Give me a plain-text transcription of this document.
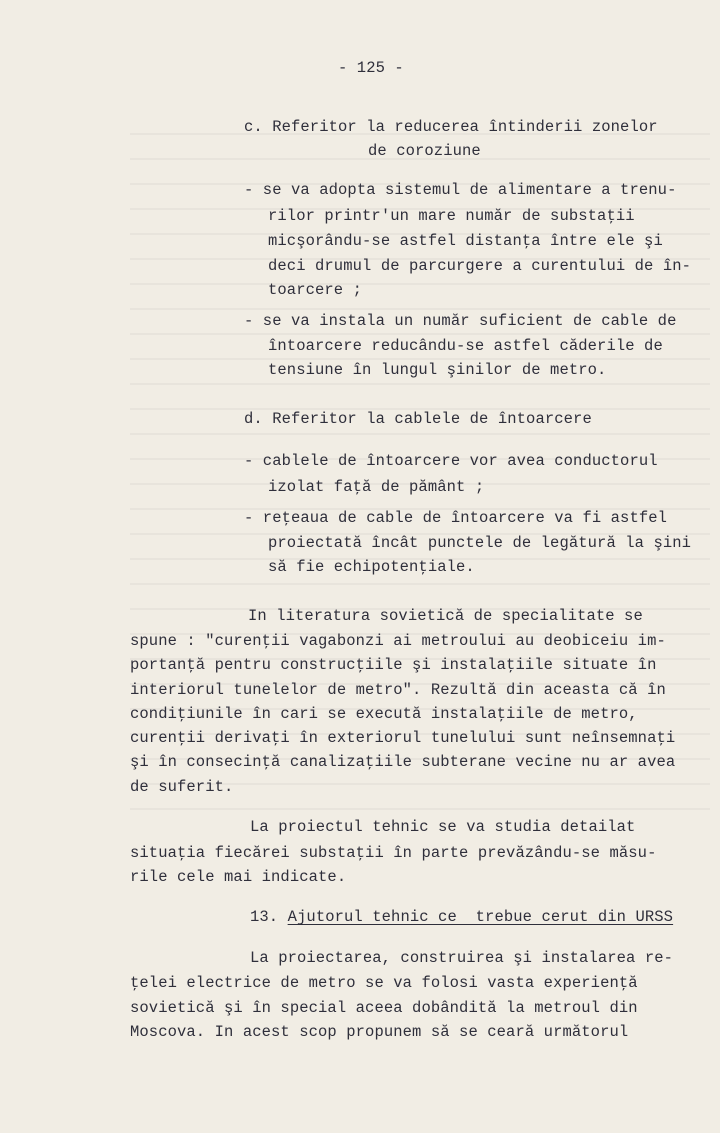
- 125 -
c. Referitor la reducerea întinderii zonelor
de coroziune
- se va adopta sistemul de alimentare a trenu-
rilor printr'un mare număr de substaţii
micşorându-se astfel distanţa între ele şi
deci drumul de parcurgere a curentului de în-
toarcere ;
- se va instala un număr suficient de cable de
întoarcere reducându-se astfel căderile de
tensiune în lungul şinilor de metro.
d. Referitor la cablele de întoarcere
- cablele de întoarcere vor avea conductorul
izolat faţă de pământ ;
- reţeaua de cable de întoarcere va fi astfel
proiectată încât punctele de legătură la şini
să fie echipotenţiale.
In literatura sovietică de specialitate se
spune : "curenţii vagabonzi ai metroului au deobiceiu im-
portanţă pentru construcţiile şi instalaţiile situate în
interiorul tunelelor de metro". Rezultă din aceasta că în
condiţiunile în cari se execută instalaţiile de metro,
curenţii derivaţi în exteriorul tunelului sunt neînsemnaţi
şi în consecinţă canalizaţiile subterane vecine nu ar avea
de suferit.
La proiectul tehnic se va studia detailat
situaţia fiecărei substaţii în parte prevăzându-se măsu-
rile cele mai indicate.
13. Ajutorul tehnic ce  trebue cerut din URSS
La proiectarea, construirea şi instalarea re-
ţelei electrice de metro se va folosi vasta experienţă
sovietică şi în special aceea dobândită la metroul din
Moscova. In acest scop propunem să se ceară următorul
